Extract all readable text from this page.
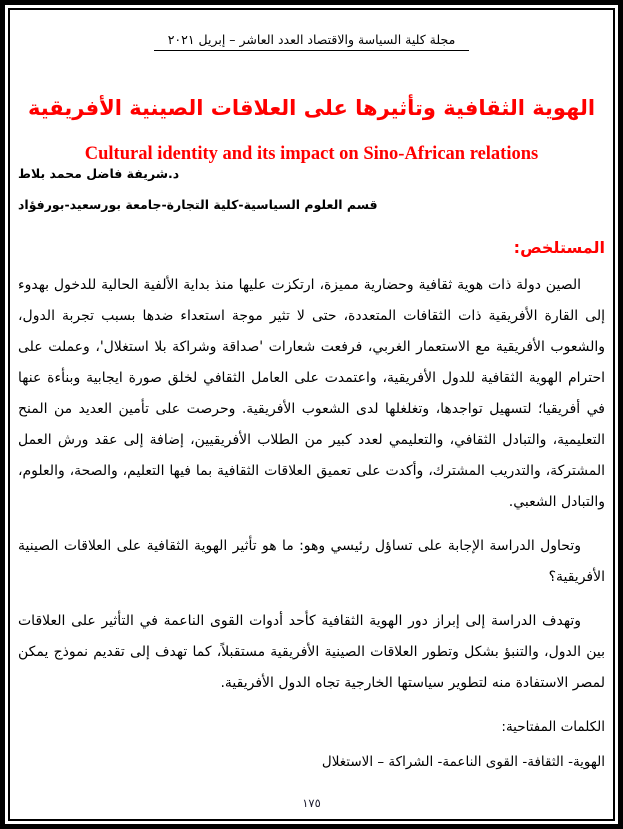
مجلة كلية السياسة والاقتصاد العدد العاشر – إبريل ٢٠٢١
الهوية الثقافية وتأثيرها على العلاقات الصينية الأفريقية
Cultural identity and its impact on Sino-African relations
د.شريفة فاضل محمد بلاط
قسم العلوم السياسية-كلية التجارة-جامعة بورسعيد-بورفؤاد
المستلخص:

الصين دولة ذات هوية ثقافية وحضارية مميزة، ارتكزت عليها منذ بداية الألفية الحالية للدخول بهدوء إلى القارة الأفريقية ذات الثقافات المتعددة، حتى لا تثير موجة استعداء ضدها بسبب تجربة الدول، والشعوب الأفريقية مع الاستعمار الغربي، فرفعت شعارات 'صداقة وشراكة بلا استغلال'، وعملت على احترام الهوية الثقافية للدول الأفريقية، واعتمدت على العامل الثقافي لخلق صورة ايجابية وبنأءة عنها في أفريقيا؛ لتسهيل تواجدها، وتغلغلها لدى الشعوب الأفريقية. وحرصت على تأمين العديد من المنح التعليمية، والتبادل الثقافي، والتعليمي لعدد كبير من الطلاب الأفريقيين، إضافة إلى عقد ورش العمل المشتركة، والتدريب المشترك، وأكدت على تعميق العلاقات الثقافية بما فيها التعليم، والصحة، والعلوم، والتبادل الشعبي.

وتحاول الدراسة الإجابة على تساؤل رئيسي وهو: ما هو تأثير الهوية الثقافية على العلاقات الصينية الأفريقية؟

وتهدف الدراسة إلى إبراز دور الهوية الثقافية كأحد أدوات القوى الناعمة في التأثير على العلاقات بين الدول، والتنبؤ بشكل وتطور العلاقات الصينية الأفريقية مستقبلاً، كما تهدف إلى تقديم نموذج يمكن لمصر الاستفادة منه لتطوير سياستها الخارجية تجاه الدول الأفريقية.

الكلمات المفتاحية:
الهوية- الثقافة- القوى الناعمة- الشراكة – الاستغلال
١٧٥
